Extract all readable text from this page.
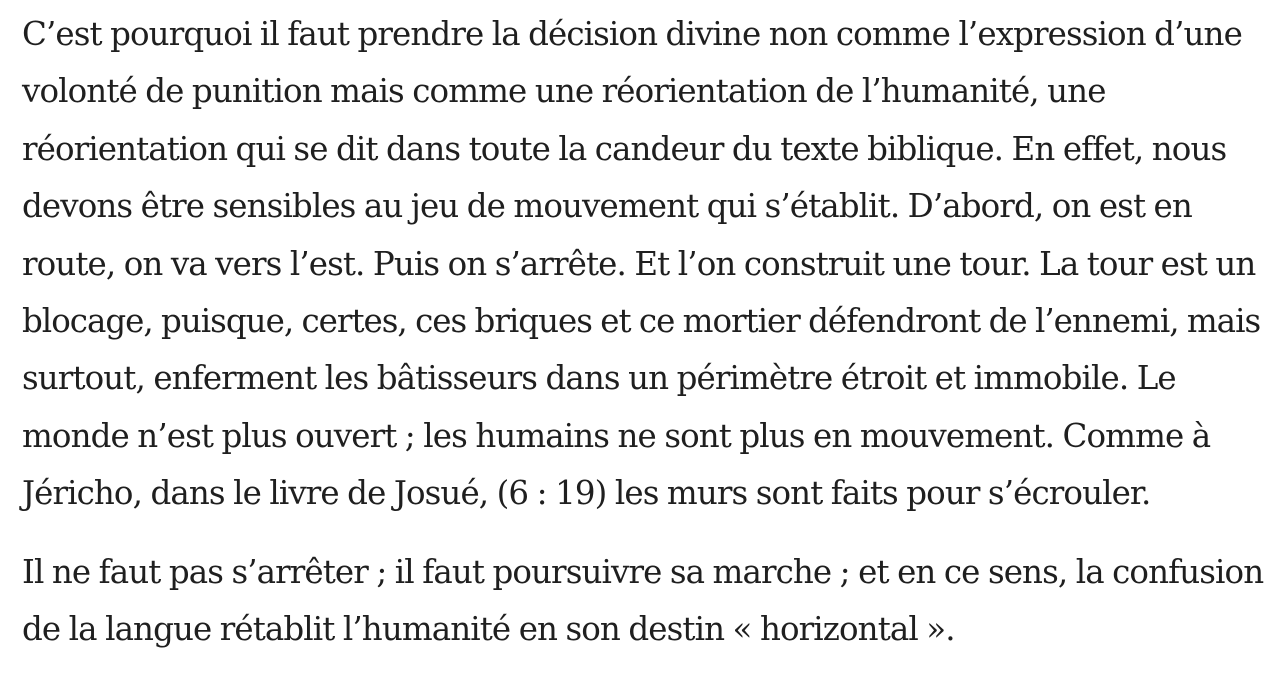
C’est pourquoi il faut prendre la décision divine non comme l’expression d’une
volonté de punition mais comme une réorientation de l’humanité, une
réorientation qui se dit dans toute la candeur du texte biblique. En effet, nous
devons être sensibles au jeu de mouvement qui s’établit. D’abord, on est en
route, on va vers l’est. Puis on s’arrête. Et l’on construit une tour. La tour est un
blocage, puisque, certes, ces briques et ce mortier défendront de l’ennemi, mais
surtout, enferment les bâtisseurs dans un périmètre étroit et immobile. Le
monde n’est plus ouvert ; les humains ne sont plus en mouvement. Comme à
Jéricho, dans le livre de Josué, (6 : 19) les murs sont faits pour s’écrouler.
Il ne faut pas s’arrêter ; il faut poursuivre sa marche ; et en ce sens, la confusion
de la langue rétablit l’humanité en son destin « horizontal ».
